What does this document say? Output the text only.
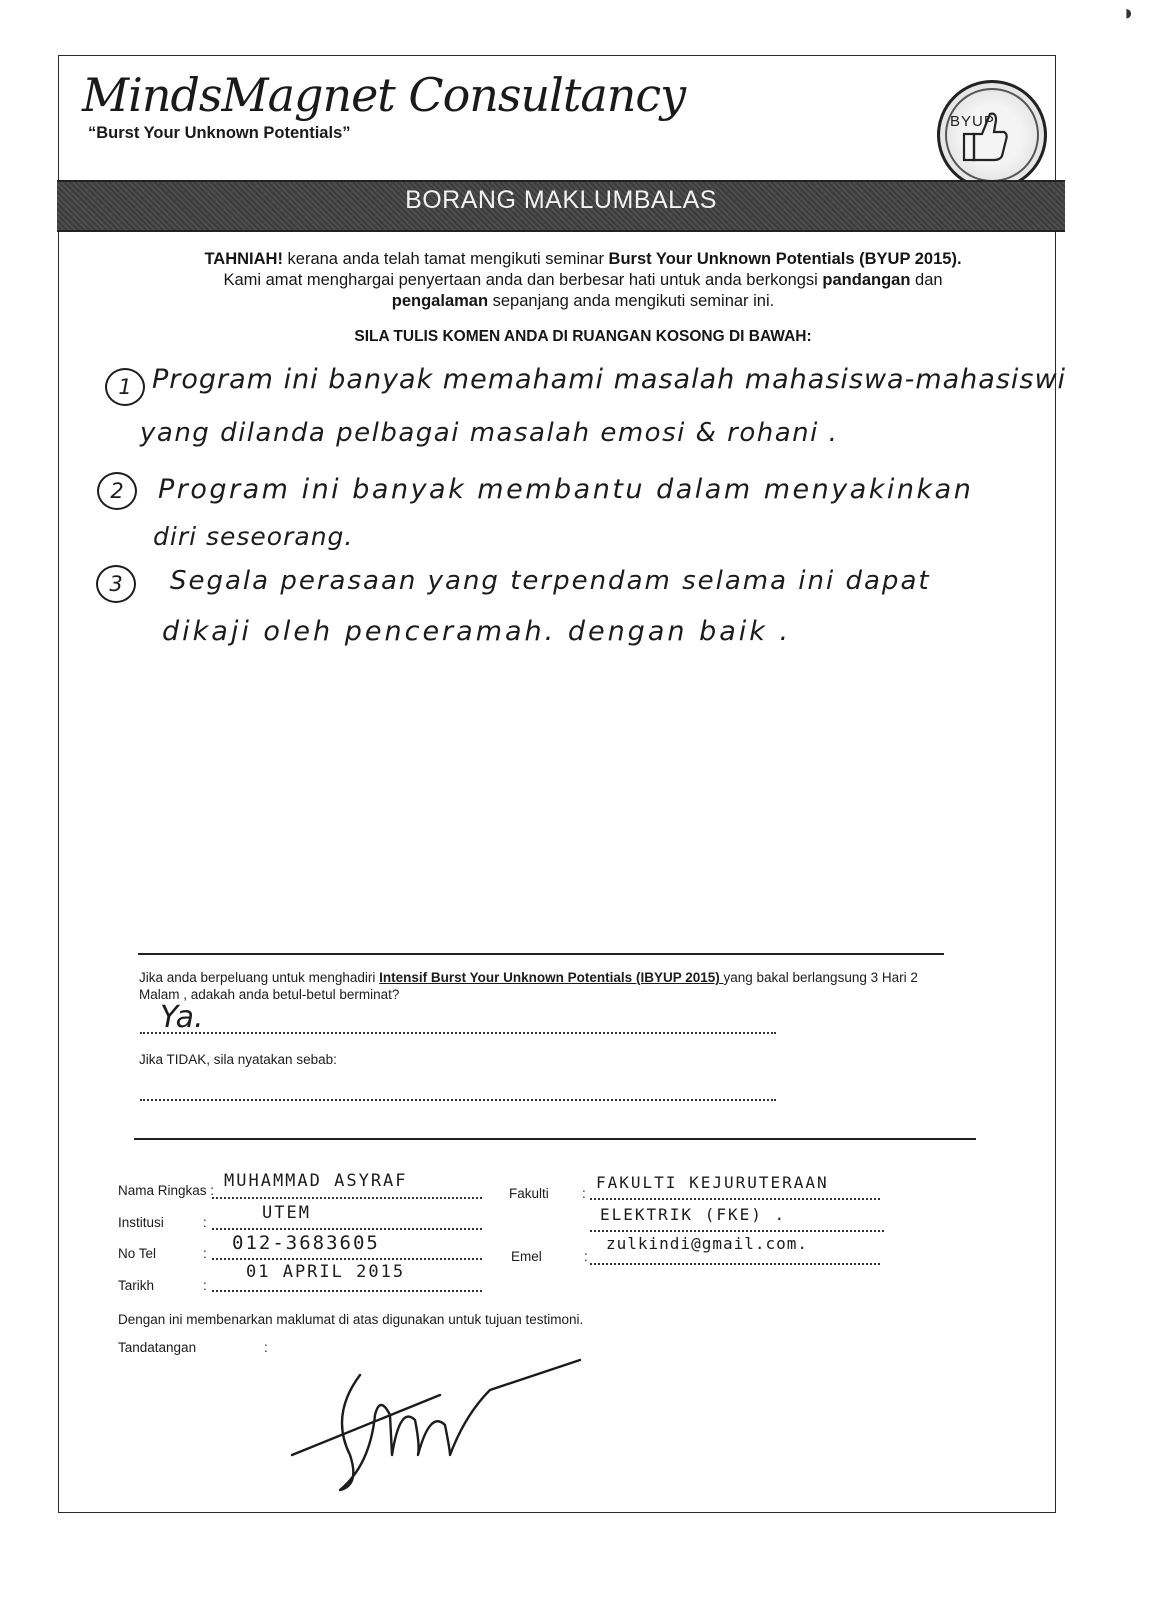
◗
MindsMagnet Consultancy
“Burst Your Unknown Potentials”
BYUP
BORANG MAKLUMBALAS
TAHNIAH! kerana anda telah tamat mengikuti seminar Burst Your Unknown Potentials (BYUP 2015).
Kami amat menghargai penyertaan anda dan berbesar hati untuk anda berkongsi pandangan dan
pengalaman sepanjang anda mengikuti seminar ini.
SILA TULIS KOMEN ANDA DI RUANGAN KOSONG DI BAWAH:
1 Program ini banyak memahami masalah mahasiswa-mahasiswi
yang dilanda pelbagai masalah emosi & rohani .
2	Program ini banyak membantu dalam menyakinkan
diri seseorang.
3	Segala perasaan yang terpendam selama ini dapat
dikaji oleh penceramah. dengan baik .
Jika anda berpeluang untuk menghadiri Intensif Burst Your Unknown Potentials (IBYUP 2015) yang bakal berlangsung 3 Hari 2
Malam , adakah anda betul-betul berminat?
Ya.
Jika TIDAK, sila nyatakan sebab:
Nama Ringkas : MUHAMMAD ASYRAF
Fakulti :
FAKULTI KEJURUTERAAN
ELEKTRIK (FKE) .
Institusi	:	UTEM
No Tel	: 012-3683605
Emel	:
zulkindi@gmail.com.
Tarikh	:
01 APRIL 2015
Dengan ini membenarkan maklumat di atas digunakan untuk tujuan testimoni.
Tandatangan	:
